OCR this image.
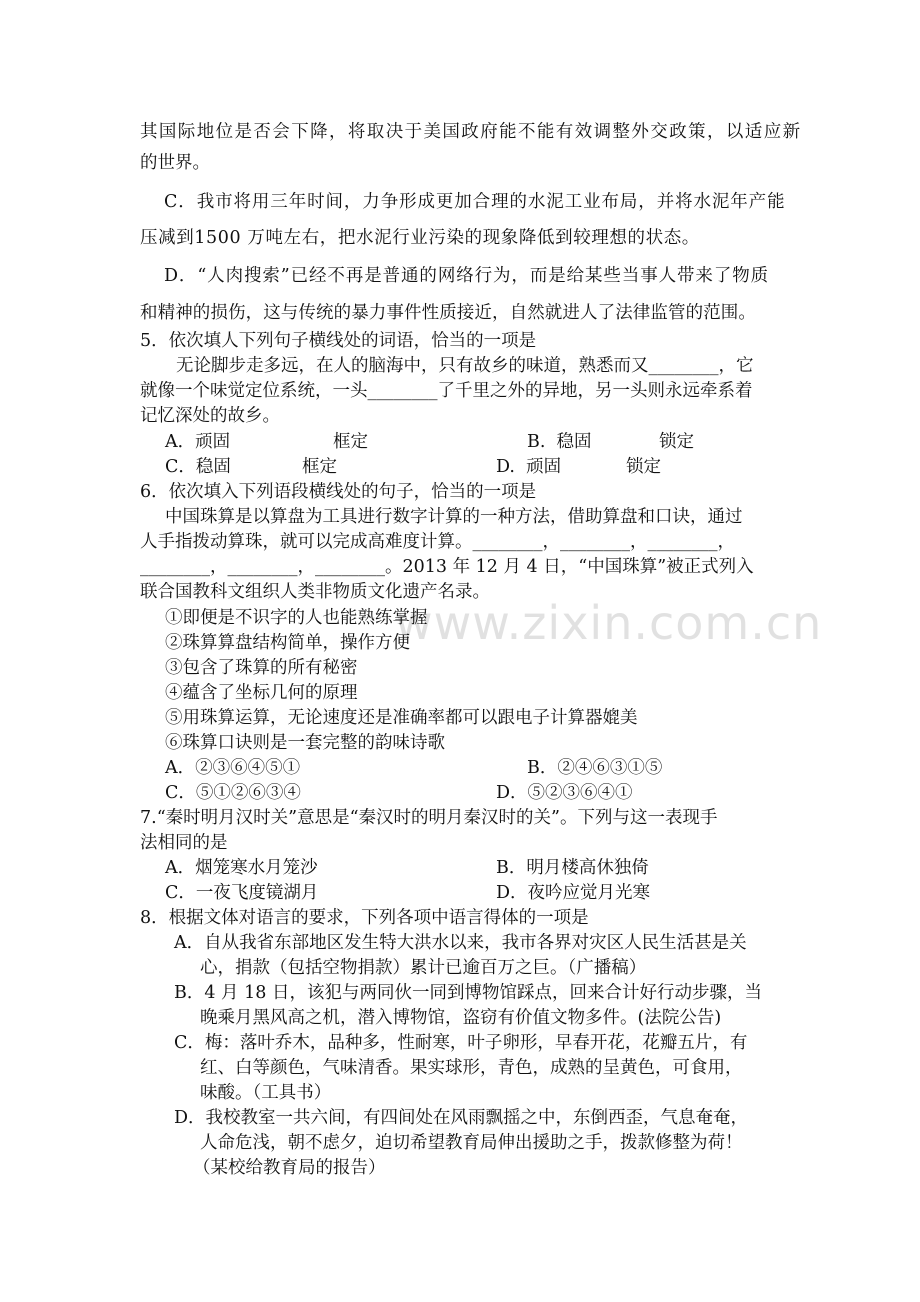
www.zixin.com.cn
其国际地位是否会下降，将取决于美国政府能不能有效调整外交政策，以适应新
的世界。
C．我市将用三年时间，力争形成更加合理的水泥工业布局，并将水泥年产能
压减到1500 万吨左右，把水泥行业污染的现象降低到较理想的状态。
D．“人肉搜索”已经不再是普通的网络行为，而是给某些当事人带来了物质
和精神的损伤，这与传统的暴力事件性质接近，自然就进人了法律监管的范围。
5．依次填人下列句子横线处的词语，恰当的一项是
无论脚步走多远，在人的脑海中，只有故乡的味道，熟悉而又________，它
就像一个味觉定位系统，一头________了千里之外的异地，另一头则永远牵系着
记忆深处的故乡。
A．顽固	框定	B.  稳固	锁定
C．稳固	框定	D.  顽固	锁定
6．依次填入下列语段横线处的句子，恰当的一项是
中国珠算是以算盘为工具进行数字计算的一种方法，借助算盘和口诀，通过
人手指拨动算珠，就可以完成高难度计算。________，________，________，
________，________，________。2013 年 12 月 4 日，“中国珠算”被正式列入
联合国教科文组织人类非物质文化遗产名录。
①即便是不识字的人也能熟练掌握
②珠算算盘结构简单，操作方便
③包含了珠算的所有秘密
④蕴含了坐标几何的原理
⑤用珠算运算，无论速度还是准确率都可以跟电子计算器媲美
⑥珠算口诀则是一套完整的韵味诗歌
A．②③⑥④⑤①	B．②④⑥③①⑤
C．⑤①②⑥③④	D．⑤②③⑥④①
7.“秦时明月汉时关”意思是“秦汉时的明月秦汉时的关”。下列与这一表现手
法相同的是
A．烟笼寒水月笼沙	B．明月楼高休独倚
C．一夜飞度镜湖月	D．夜吟应觉月光寒
8．根据文体对语言的要求，下列各项中语言得体的一项是
A．自从我省东部地区发生特大洪水以来，我市各界对灾区人民生活甚是关
心，捐款（包括空物捐款）累计已逾百万之巨。（广播稿）
B．4 月 18 日，该犯与两同伙一同到博物馆踩点，回来合计好行动步骤，当
晚乘月黑风高之机，潜入博物馆，盗窃有价值文物多件。(法院公告)
C．梅：落叶乔木，品种多，性耐寒，叶子卵形，早春开花，花瓣五片，有
红、白等颜色，气味清香。果实球形，青色，成熟的呈黄色，可食用，
味酸。（工具书）
D．我校教室一共六间，有四间处在风雨飘摇之中，东倒西歪，气息奄奄，
人命危浅，朝不虑夕，迫切希望教育局伸出援助之手，拨款修整为荷！
（某校给教育局的报告）
